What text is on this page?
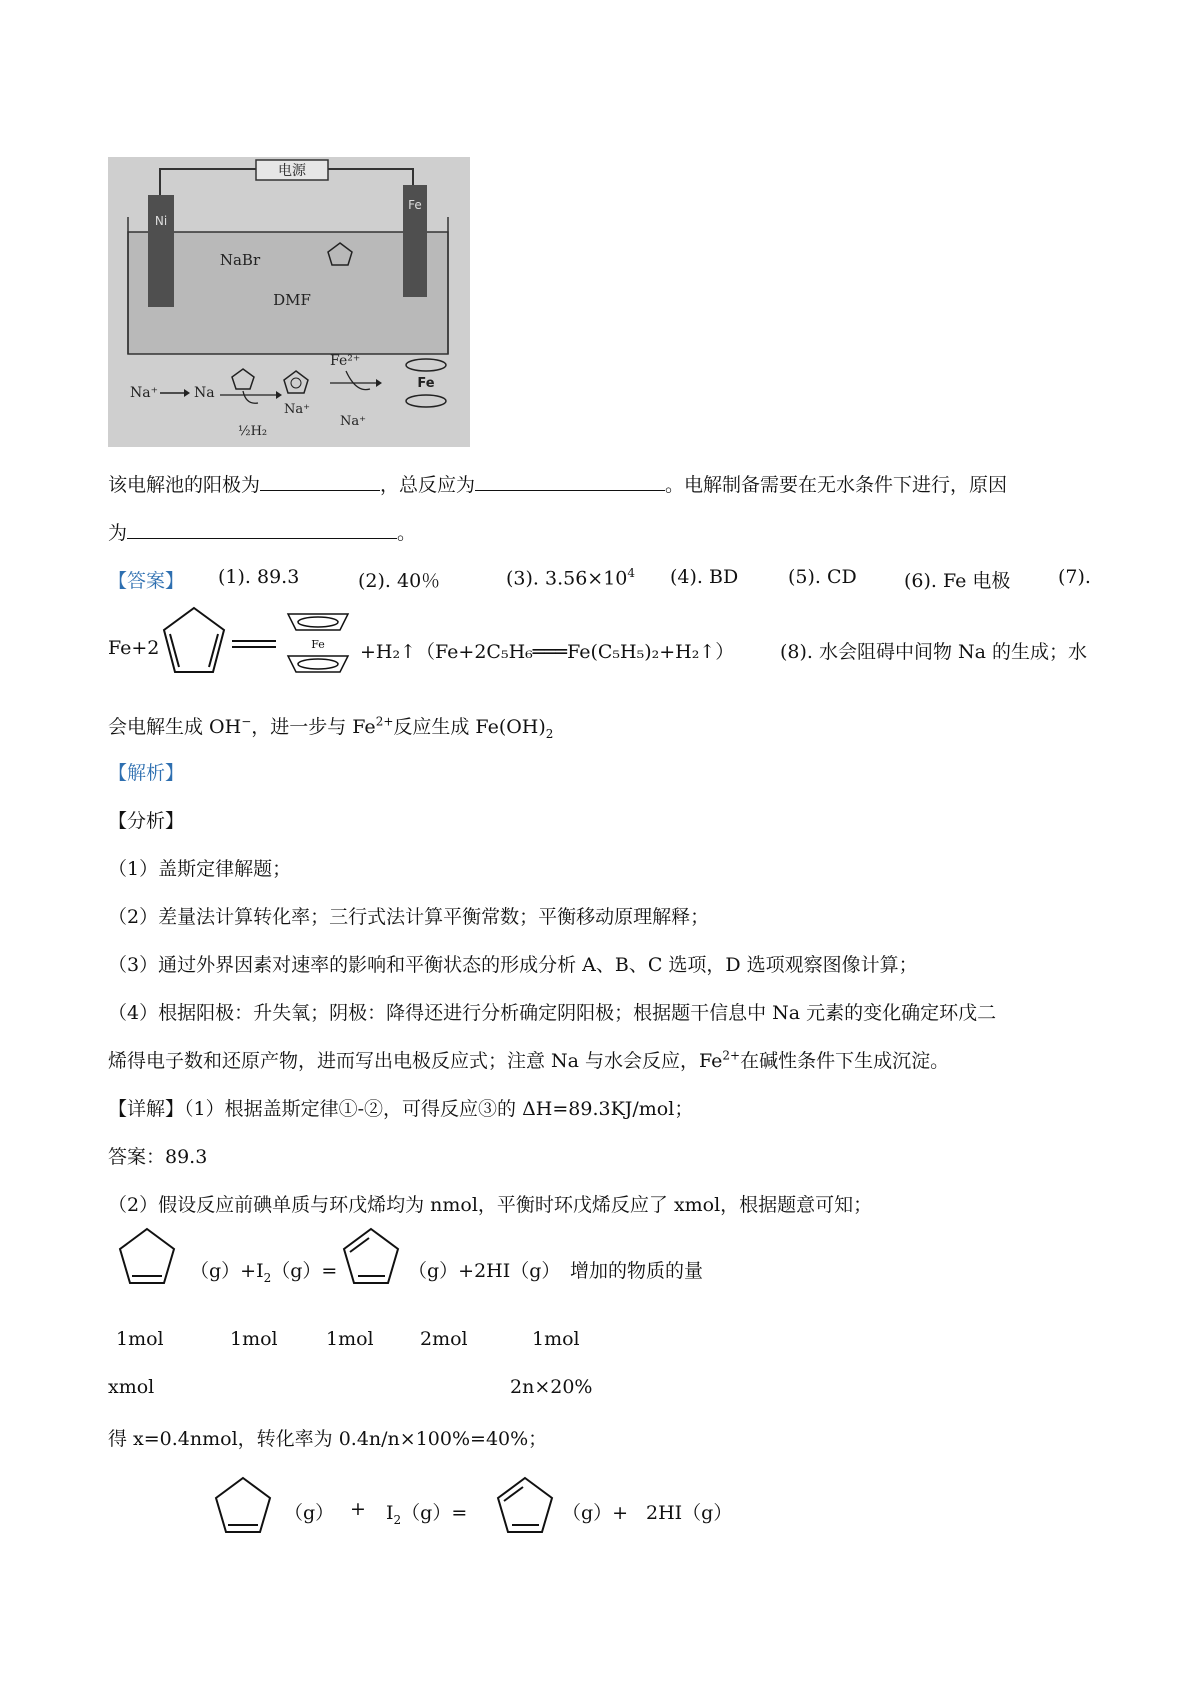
电源
Ni
Fe
NaBr
DMF
Na⁺	Na
½H₂
Na⁺
Fe²⁺
Na⁺
Fe
该电解池的阳极为	，总反应为	。电解制备需要在无水条件下进行，原因
为	。
【答案】 (1). 89.3	(2). 40％	(3). $3.56\times 10^4$ (4). BD	(5). CD (6). Fe 电极	(7).
Fe+2	Fe +H₂↑（Fe+2C₅H₆═══Fe(C₅H₅)₂+H₂↑） (8). 水会阻碍中间物 Na 的生成；水
会电解生成 OH−，进一步与 $Fe^{2+}$反应生成 $Fe(OH)_2$
【解析】
【分析】
（1）盖斯定律解题；
（2）差量法计算转化率；三行式法计算平衡常数；平衡移动原理解释；
（3）通过外界因素对速率的影响和平衡状态的形成分析 A、B、C 选项，D 选项观察图像计算；
（4）根据阳极：升失氧；阴极：降得还进行分析确定阴阳极；根据题干信息中 Na 元素的变化确定环戊二
烯得电子数和还原产物，进而写出电极反应式；注意 Na 与水会反应，$Fe^{2+}$在碱性条件下生成沉淀。
【详解】（1）根据盖斯定律①-②，可得反应③的 ΔH=89.3KJ/mol；
答案：89.3
（2）假设反应前碘单质与环戊烯均为 nmol，平衡时环戊烯反应了 xmol，根据题意可知；
$(g)+I_2(g)=$	（g）+2HI（g） 增加的物质的量
1mol	1mol	1mol 2mol	1mol
xmol	2n×20%
得 x=0.4nmol，转化率为 0.4n/n×100%=40%；
$(g) + I_2(g)=$	（g）+ 2HI（g）
